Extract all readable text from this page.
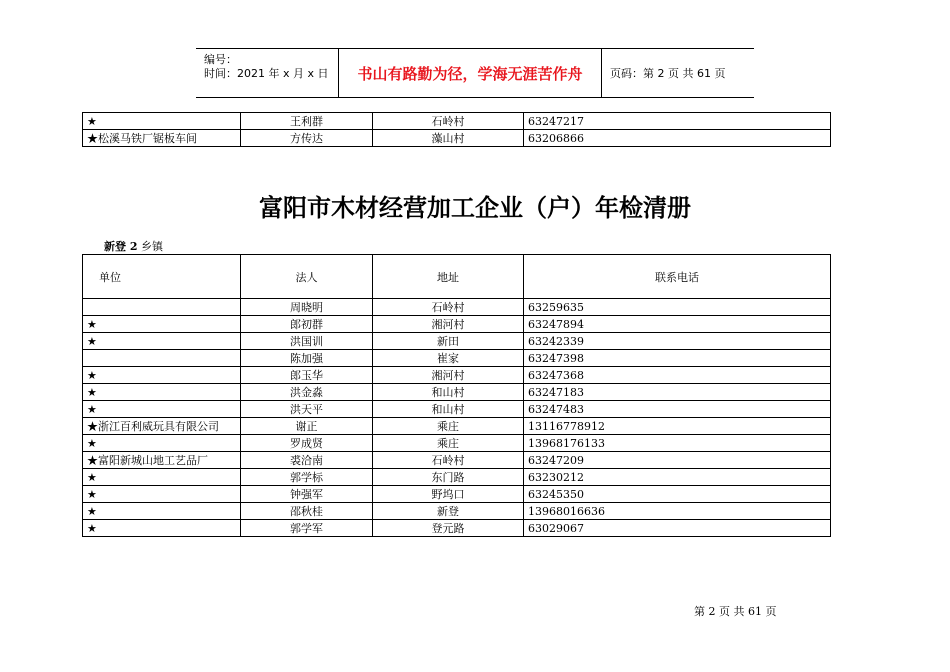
编号：
时间：2021 年 x 月 x 日 书山有路勤为径，学海无涯苦作舟	页码：第 2 页 共 61 页
★	王利群	石岭村	63247217
★松溪马铁厂锯板车间	方传达	藻山村	63206866
富阳市木材经营加工企业（户）年检清册
新登 2 乡镇
单位	法人	地址	联系电话
	周晓明	石岭村	63259635
★	郎初群	湘河村	63247894
★	洪国训	新田	63242339
	陈加强	崔家	63247398
★	郎玉华	湘河村	63247368
★	洪金淼	和山村	63247183
★	洪天平	和山村	63247483
★浙江百利威玩具有限公司	谢正	乘庄	13116778912
★	罗成贤	乘庄	13968176133
★富阳新城山地工艺品厂	裘洽南	石岭村	63247209
★	郭学标	东门路	63230212
★	钟强军	野坞口	63245350
★	邵秋桂	新登	13968016636
★	郭学军	登元路	63029067
第 2 页 共 61 页
